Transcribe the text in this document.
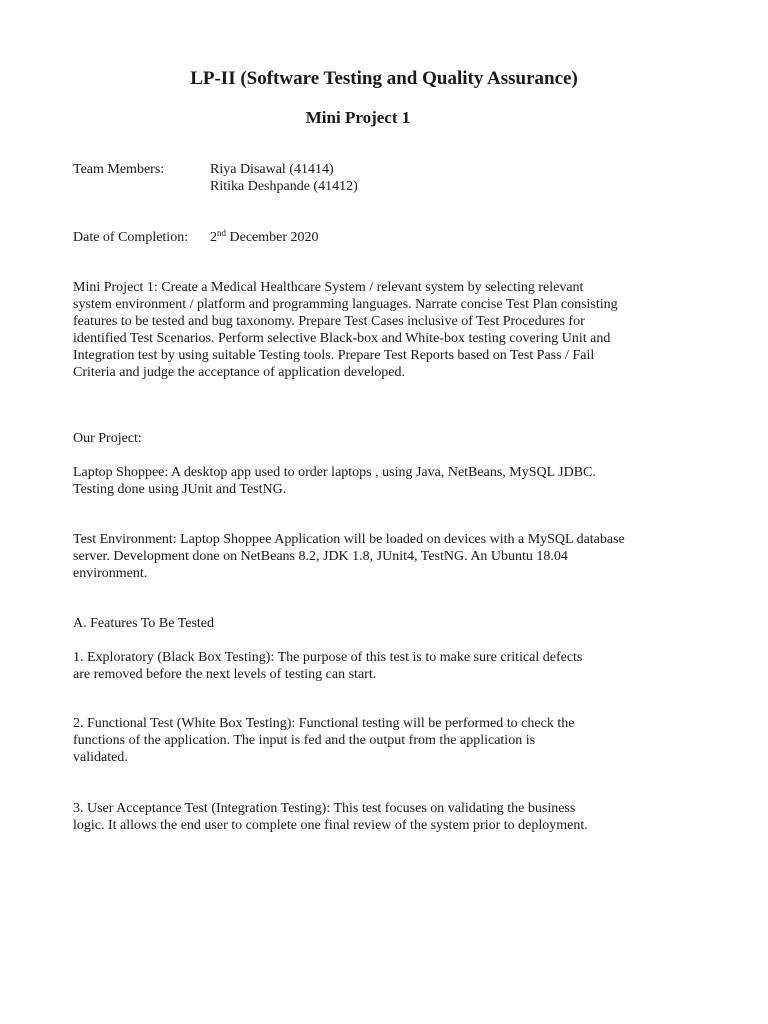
LP-II (Software Testing and Quality Assurance)
Mini Project 1
Team Members:	Riya Disawal (41414)
Ritika Deshpande (41412)
Date of Completion: 2nd December 2020
Mini Project 1: Create a Medical Healthcare System / relevant system by selecting relevant
system environment / platform and programming languages. Narrate concise Test Plan consisting
features to be tested and bug taxonomy. Prepare Test Cases inclusive of Test Procedures for
identified Test Scenarios. Perform selective Black-box and White-box testing covering Unit and
Integration test by using suitable Testing tools. Prepare Test Reports based on Test Pass / Fail
Criteria and judge the acceptance of application developed.
Our Project:
Laptop Shoppee: A desktop app used to order laptops , using Java, NetBeans, MySQL JDBC.
Testing done using JUnit and TestNG.
Test Environment: Laptop Shoppee Application will be loaded on devices with a MySQL database
server. Development done on NetBeans 8.2, JDK 1.8, JUnit4, TestNG. An Ubuntu 18.04
environment.
A. Features To Be Tested
1. Exploratory (Black Box Testing): The purpose of this test is to make sure critical defects
are removed before the next levels of testing can start.
2. Functional Test (White Box Testing): Functional testing will be performed to check the
functions of the application. The input is fed and the output from the application is
validated.
3. User Acceptance Test (Integration Testing): This test focuses on validating the business
logic. It allows the end user to complete one final review of the system prior to deployment.
